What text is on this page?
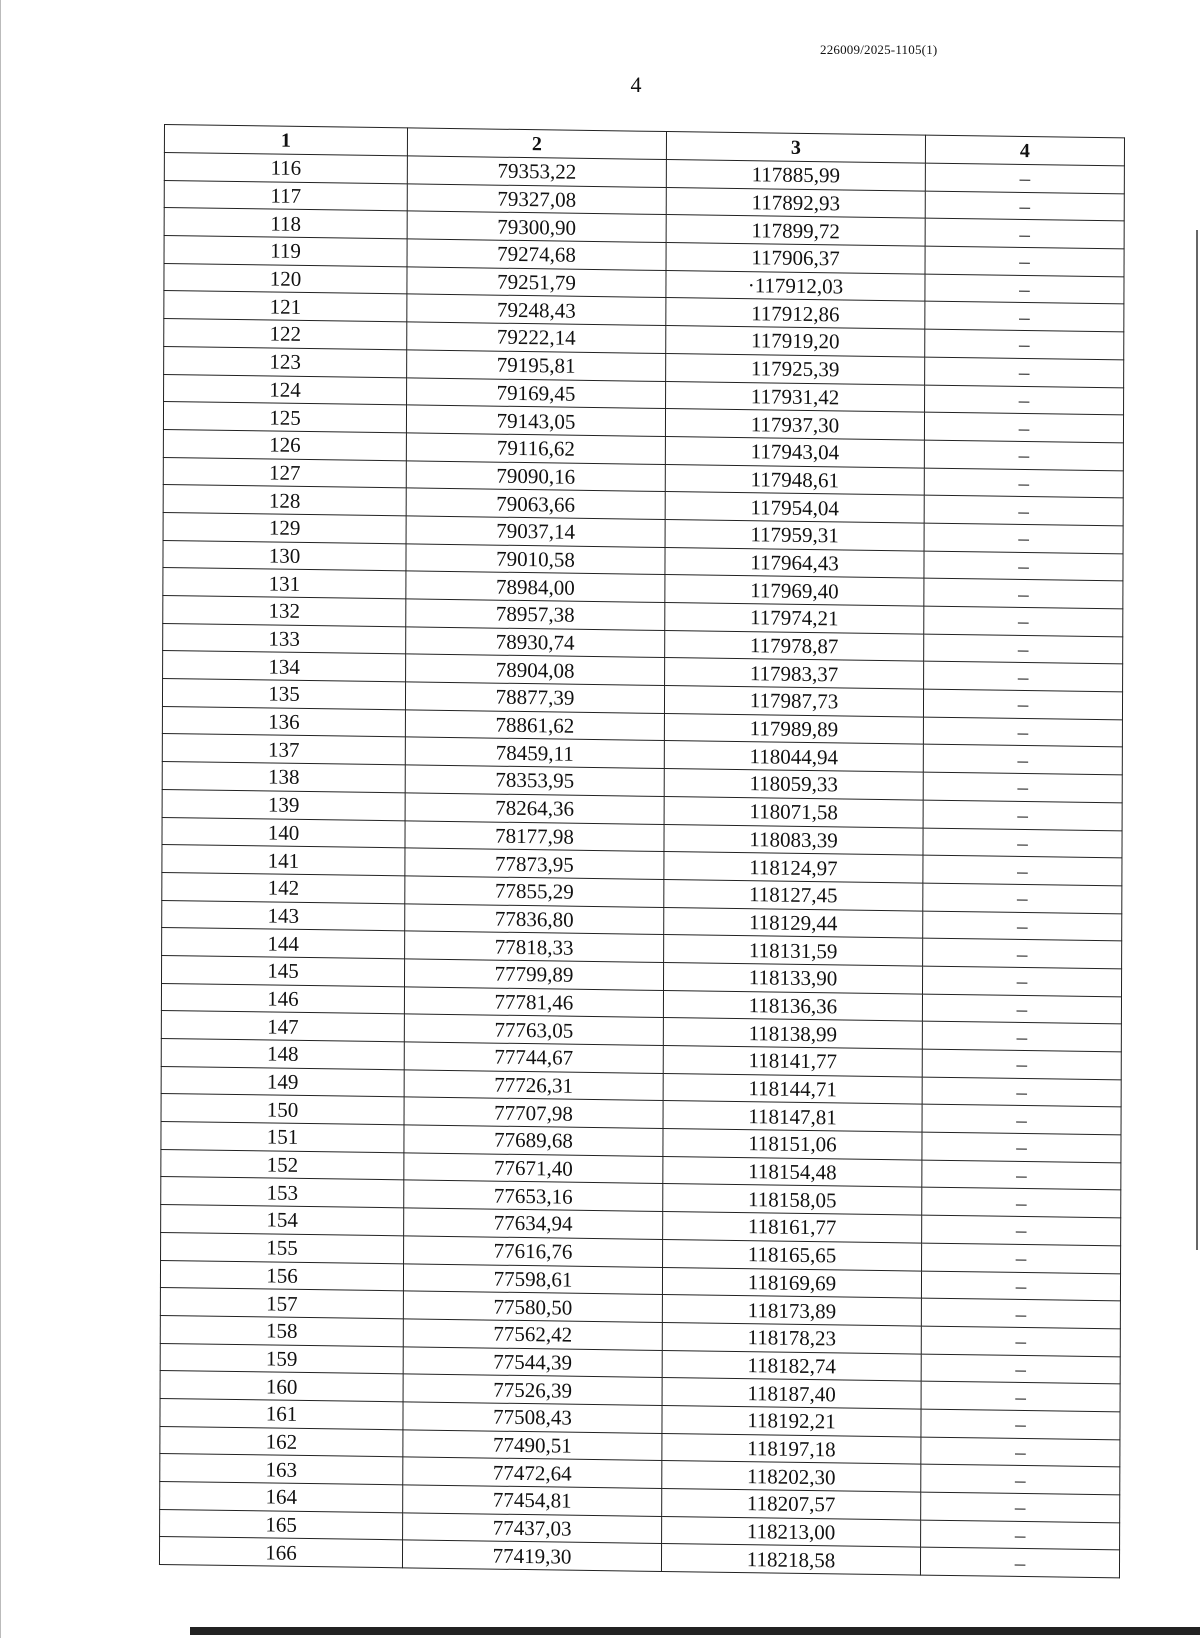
226009/2025-1105(1)
4
1	2	3	4
116	79353,22	117885,99	–
117	79327,08	117892,93	–
118	79300,90	117899,72	–
119	79274,68	117906,37	–
120	79251,79	·117912,03	–
121	79248,43	117912,86	–
122	79222,14	117919,20	–
123	79195,81	117925,39	–
124	79169,45	117931,42	–
125	79143,05	117937,30	–
126	79116,62	117943,04	–
127	79090,16	117948,61	–
128	79063,66	117954,04	–
129	79037,14	117959,31	–
130	79010,58	117964,43	–
131	78984,00	117969,40	–
132	78957,38	117974,21	–
133	78930,74	117978,87	–
134	78904,08	117983,37	–
135	78877,39	117987,73	–
136	78861,62	117989,89	–
137	78459,11	118044,94	–
138	78353,95	118059,33	–
139	78264,36	118071,58	–
140	78177,98	118083,39	–
141	77873,95	118124,97	–
142	77855,29	118127,45	–
143	77836,80	118129,44	–
144	77818,33	118131,59	–
145	77799,89	118133,90	–
146	77781,46	118136,36	–
147	77763,05	118138,99	–
148	77744,67	118141,77	–
149	77726,31	118144,71	–
150	77707,98	118147,81	–
151	77689,68	118151,06	–
152	77671,40	118154,48	–
153	77653,16	118158,05	–
154	77634,94	118161,77	–
155	77616,76	118165,65	–
156	77598,61	118169,69	–
157	77580,50	118173,89	–
158	77562,42	118178,23	–
159	77544,39	118182,74	–
160	77526,39	118187,40	–
161	77508,43	118192,21	–
162	77490,51	118197,18	–
163	77472,64	118202,30	–
164	77454,81	118207,57	–
165	77437,03	118213,00	–
166	77419,30	118218,58	–
